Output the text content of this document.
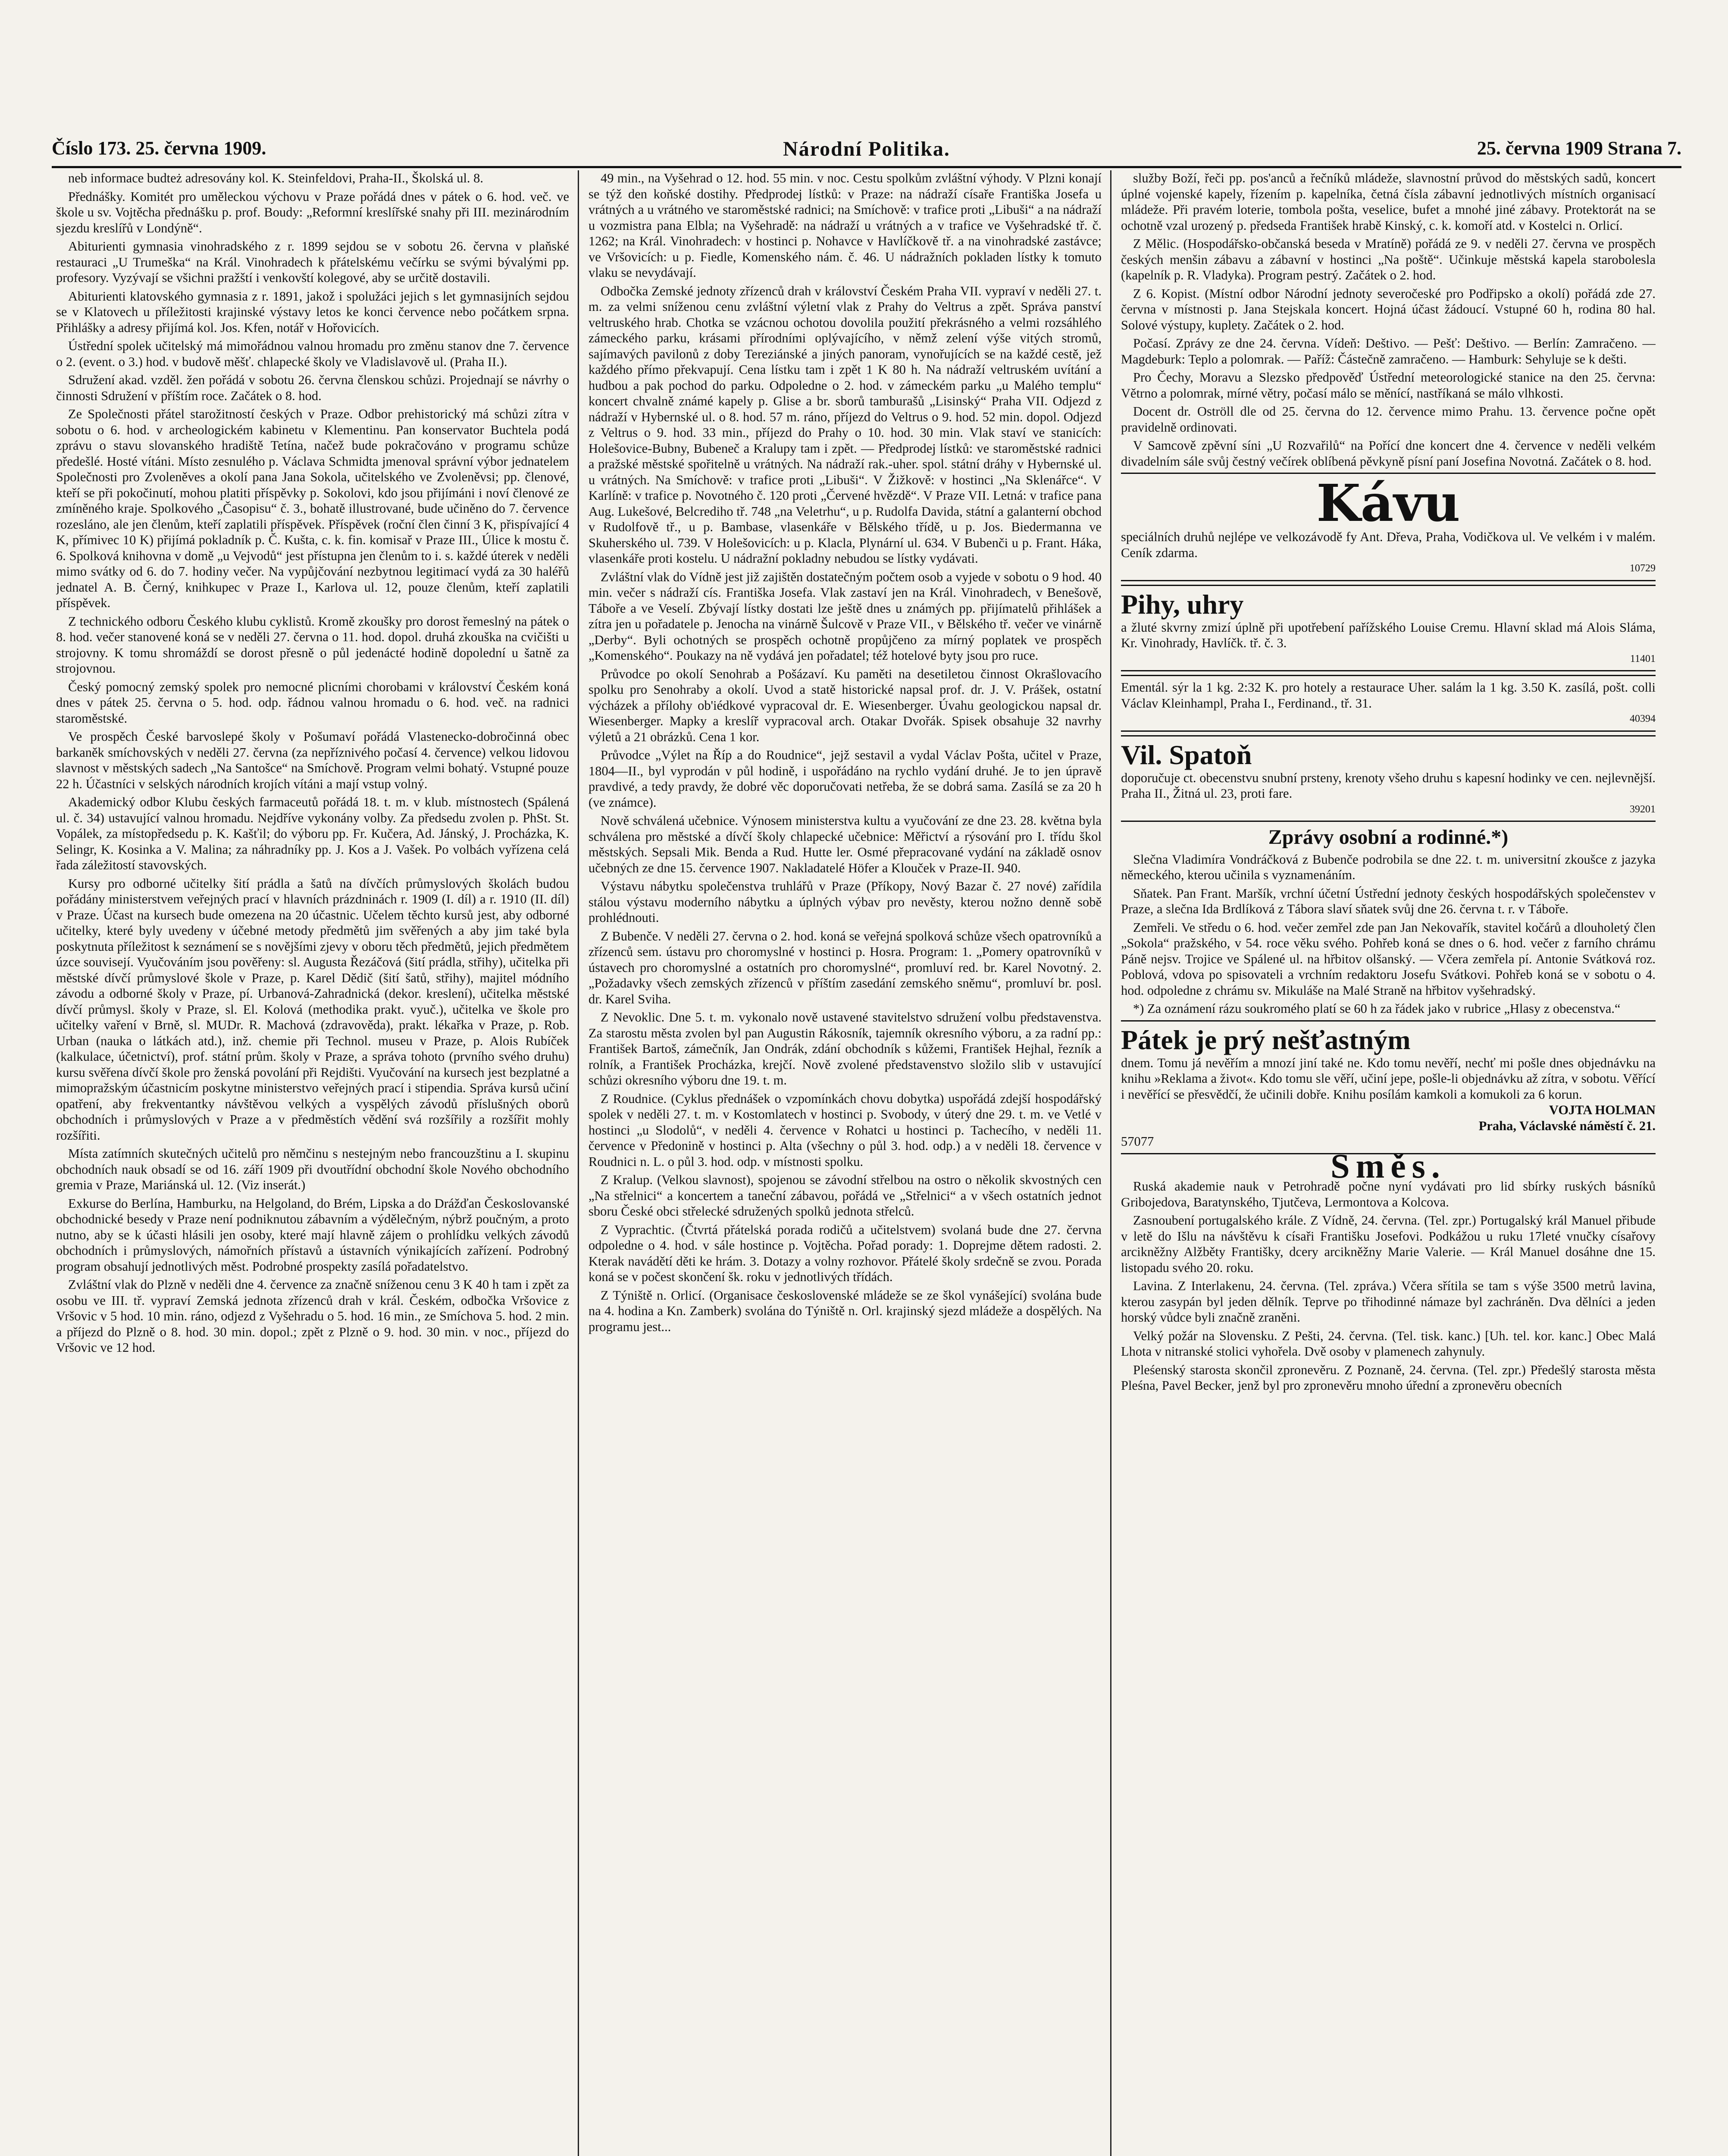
Číslo 173. 25. června 1909.	Národní Politika.	25. června 1909 Strana 7.

neb informace budteż adresovány kol. K. Steinfeldovi, Praha-II., Školská ul. 8.

Přednášky. Komitét pro uměleckou výchovu v Praze pořádá dnes v pátek o 6. hod. več. ve škole u sv. Vojtěcha přednášku p. prof. Boudy: „Reformní kreslířské snahy při III. mezinárodním sjezdu kreslířů v Londýně“.

Abiturienti gymnasia vinohradského z r. 1899 sejdou se v sobotu 26. června v plaňské restauraci „U Trumeška“ na Král. Vinohradech k přátelskému večírku se svými bývalými pp. profesory. Vyzývají se všichni pražští i venkovští kolegové, aby se určitě dostavili.

Abiturienti klatovského gymnasia z r. 1891, jakož i spolužáci jejich s let gymnasijních sejdou se v Klatovech u příležitosti krajinské výstavy letos ke konci července nebo počátkem srpna. Přihlášky a adresy přijímá kol. Jos. Kfen, notář v Hořovicích.

Ústřední spolek učitelský má mimořádnou valnou hromadu pro změnu stanov dne 7. července o 2. (event. o 3.) hod. v budově měšť. chlapecké školy ve Vladislavově ul. (Praha II.).

Sdružení akad. vzděl. žen pořádá v sobotu 26. června členskou schůzi. Projednají se návrhy o činnosti Sdružení v příštím roce. Začátek o 8. hod.

Ze Společnosti přátel starožitností českých v Praze. Odbor prehistorický má schůzi zítra v sobotu o 6. hod. v archeologickém kabinetu v Klementinu. Pan konservator Buchtela podá zprávu o stavu slovanského hradiště Tetína, načež bude pokračováno v programu schůze předešlé. Hosté vítáni. Místo zesnulého p. Václava Schmidta jmenoval správní výbor jednatelem Společnosti pro Zvoleněves a okolí pana Jana Sokola, učitelského ve Zvoleněvsi; pp. členové, kteří se při pokočinutí, mohou platiti příspěvky p. Sokolovi, kdo jsou přijímáni i noví členové ze zmíněného kraje. Spolkového „Časopisu“ č. 3., bohatě illustrované, bude učiněno do 7. července rozesláno, ale jen členům, kteří zaplatili příspěvek. Příspěvek (roční člen činní 3 K, přispívající 4 K, přímivec 10 K) přijímá pokladník p. Č. Kušta, c. k. fin. komisař v Praze III., Úlice k mostu č. 6. Spolková knihovna v domě „u Vejvodů“ jest přístupna jen členům to i. s. každé úterek v neděli mimo svátky od 6. do 7. hodiny večer. Na vypůjčování nezbytnou legitimací vydá za 30 haléřů jednatel A. B. Černý, knihkupec v Praze I., Karlova ul. 12, pouze členům, kteří zaplatili příspěvek.

Z technického odboru Českého klubu cyklistů. Kromě zkoušky pro dorost řemeslný na pátek o 8. hod. večer stanovené koná se v neděli 27. června o 11. hod. dopol. druhá zkouška na cvičišti u strojovny. K tomu shromáždí se dorost přesně o půl jedenácté hodině dopolední u šatně za strojovnou.

Český pomocný zemský spolek pro nemocné plicními chorobami v království Českém koná dnes v pátek 25. června o 5. hod. odp. řádnou valnou hromadu o 6. hod. več. na radnici staroměstské.

Ve prospěch České barvoslepé školy v Pošumaví pořádá Vlastenecko-dobročinná obec barkaněk smíchovských v neděli 27. června (za nepříznivého počasí 4. července) velkou lidovou slavnost v městských sadech „Na Santošce“ na Smíchově. Program velmi bohatý. Vstupné pouze 22 h. Účastníci v selských národních krojích vítáni a mají vstup volný.

Akademický odbor Klubu českých farmaceutů pořádá 18. t. m. v klub. místnostech (Spálená ul. č. 34) ustavující valnou hromadu. Nejdříve vykonány volby. Za předsedu zvolen p. PhSt. St. Vopálek, za místopředsedu p. K. Kašťil; do výboru pp. Fr. Kučera, Ad. Jánský, J. Procházka, K. Selingr, K. Kosinka a V. Malina; za náhradníky pp. J. Kos a J. Vašek. Po volbách vyřízena celá řada záležitostí stavovských.

Kursy pro odborné učitelky šití prádla a šatů na dívčích průmyslových školách budou pořádány ministerstvem veřejných prací v hlavních prázdninách r. 1909 (I. díl) a r. 1910 (II. díl) v Praze. Účast na kursech bude omezena na 20 účastnic. Učelem těchto kursů jest, aby odborné učitelky, které byly uvedeny v účebné metody předmětů jim svěřených a aby jim také byla poskytnuta příležitost k seznámení se s novějšími zjevy v oboru těch předmětů, jejich předmětem úzce souvisejí. Vyučováním jsou pověřeny: sl. Augusta Řezáčová (šití prádla, střihy), učitelka při městské dívčí průmyslové škole v Praze, p. Karel Dědič (šití šatů, střihy), majitel módního závodu a odborné školy v Praze, pí. Urbanová-Zahradnická (dekor. kreslení), učitelka městské dívčí průmysl. školy v Praze, sl. El. Kolová (methodika prakt. vyuč.), učitelka ve škole pro učitelky vaření v Brně, sl. MUDr. R. Machová (zdravověda), prakt. lékařka v Praze, p. Rob. Urban (nauka o látkách atd.), inž. chemie při Technol. museu v Praze, p. Alois Rubíček (kalkulace, účetnictví), prof. státní prům. školy v Praze, a správa tohoto (prvního svého druhu) kursu svěřena dívčí škole pro ženská povolání při Rejdišti. Vyučování na kursech jest bezplatné a mimopražským účastnicím poskytne ministerstvo veřejných prací i stipendia. Správa kursů učiní opatření, aby frekventantky návštěvou velkých a vyspělých závodů příslušných oborů obchodních i průmyslových v Praze a v předměstích vědění svá rozšířily a rozšířit mohly rozšířiti.

Místa zatímních skutečných učitelů pro němčinu s nestejným nebo francouzštinu a I. skupinu obchodních nauk obsadí se od 16. září 1909 při dvoutřídní obchodní škole Nového obchodního gremia v Praze, Mariánská ul. 12. (Viz inserát.)

Exkurse do Berlína, Hamburku, na Helgoland, do Brém, Lipska a do Drážďan Českoslovanské obchodnické besedy v Praze není podniknutou zábavním a výdělečným, nýbrž poučným, a proto nutno, aby se k účasti hlásili jen osoby, které mají hlavně zájem o prohlídku velkých závodů obchodních i průmyslových, námořních přístavů a ústavních výnikajících zařízení. Podrobný program obsahují jednotlivých měst. Podrobné prospekty zasílá pořadatelstvo.

Zvláštní vlak do Plzně v neděli dne 4. července za značně sníženou cenu 3 K 40 h tam i zpět za osobu ve III. tř. vypraví Zemská jednota zřízenců drah v král. Českém, odbočka Vršovice z Vršovic v 5 hod. 10 min. ráno, odjezd z Vyšehradu o 5. hod. 16 min., ze Smíchova 5. hod. 2 min. a příjezd do Plzně o 8. hod. 30 min. dopol.; zpět z Plzně o 9. hod. 30 min. v noc., příjezd do Vršovic ve 12 hod.

49 min., na Vyšehrad o 12. hod. 55 min. v noc. Cestu spolkům zvláštní výhody. V Plzni konají se týž den koňské dostihy. Předprodej lístků: v Praze: na nádraží císaře Františka Josefa u vrátných a u vrátného ve staroměstské radnici; na Smíchově: v trafice proti „Libuši“ a na nádraží u vozmistra pana Elbla; na Vyšehradě: na nádraží u vrátných a v trafice ve Vyšehradské tř. č. 1262; na Král. Vinohradech: v hostinci p. Nohavce v Havlíčkově tř. a na vinohradské zastávce; ve Vršovicích: u p. Fiedle, Komenského nám. č. 46. U nádražních pokladen lístky k tomuto vlaku se nevydávají.

Odbočka Zemské jednoty zřízenců drah v království Českém Praha VII. vypraví v neděli 27. t. m. za velmi sníženou cenu zvláštní výletní vlak z Prahy do Veltrus a zpět. Správa panství veltruského hrab. Chotka se vzácnou ochotou dovolila použití překrásného a velmi rozsáhlého zámeckého parku, krásami přírodními oplývajícího, v němž zelení výše vitých stromů, sajímavých pavilonů z doby Tereziánské a jiných panoram, vynořujících se na každé cestě, jež každého přímo překvapují. Cena lístku tam i zpět 1 K 80 h. Na nádraží veltruském uvítání a hudbou a pak pochod do parku. Odpoledne o 2. hod. v zámeckém parku „u Malého templu“ koncert chvalně známé kapely p. Glise a br. sborů tamburašů „Lisinský“ Praha VII. Odjezd z nádraží v Hybernské ul. o 8. hod. 57 m. ráno, příjezd do Veltrus o 9. hod. 52 min. dopol. Odjezd z Veltrus o 9. hod. 33 min., příjezd do Prahy o 10. hod. 30 min. Vlak staví ve stanicích: Holešovice-Bubny, Bubeneč a Kralupy tam i zpět. — Předprodej lístků: ve staroměstské radnici a pražské městské spořitelně u vrátných. Na nádraží rak.-uher. spol. státní dráhy v Hybernské ul. u vrátných. Na Smíchově: v trafice proti „Libuši“. V Žižkově: v hostinci „Na Sklenářce“. V Karlíně: v trafice p. Novotného č. 120 proti „Červené hvězdě“. V Praze VII. Letná: v trafice pana Aug. Lukešové, Belcrediho tř. 748 „na Veletrhu“, u p. Rudolfa Davida, státní a galanterní obchod v Rudolfově tř., u p. Bambase, vlasenkáře v Bělského třídě, u p. Jos. Biedermanna ve Skuherského ul. 739. V Holešovicích: u p. Klacla, Plynární ul. 634. V Bubenči u p. Frant. Háka, vlasenkáře proti kostelu. U nádražní pokladny nebudou se lístky vydávati.

Zvláštní vlak do Vídně jest již zajištěn dostatečným počtem osob a vyjede v sobotu o 9 hod. 40 min. večer s nádraží cís. Františka Josefa. Vlak zastaví jen na Král. Vinohradech, v Benešově, Táboře a ve Veselí. Zbývají lístky dostati lze ještě dnes u známých pp. přijímatelů přihlášek a zítra jen u pořadatele p. Jenocha na vinárně Šulcově v Praze VII., v Bělského tř. večer ve vinárně „Derby“. Byli ochotných se prospěch ochotně propůjčeno za mírný poplatek ve prospěch „Komenského“. Poukazy na ně vydává jen pořadatel; též hotelové byty jsou pro ruce.

Průvodce po okolí Senohrab a Pošázaví. Ku paměti na desetiletou činnost Okrašlovacího spolku pro Senohraby a okolí. Uvod a statě historické napsal prof. dr. J. V. Prášek, ostatní výcházek a přílohy ob'iédkové vypracoval dr. E. Wiesenberger. Úvahu geologickou napsal dr. Wiesenberger. Mapky a kreslíř vypracoval arch. Otakar Dvořák. Spisek obsahuje 32 navrhy výletů a 21 obrázků. Cena 1 kor.

Průvodce „Výlet na Říp a do Roudnice“, jejž sestavil a vydal Václav Pošta, učitel v Praze, 1804—II., byl vyprodán v půl hodině, i uspořádáno na rychlo vydání druhé. Je to jen úpravě pravdivé, a tedy pravdy, že dobré věc doporučovati netřeba, že se dobrá sama. Zasílá se za 20 h (ve známce).

Nově schválená učebnice. Výnosem ministerstva kultu a vyučování ze dne 23. 28. května byla schválena pro městské a dívčí školy chlapecké učebnice: Měřictví a rýsování pro I. třídu škol městských. Sepsali Mik. Benda a Rud. Hutte ler. Osmé přepracované vydání na základě osnov učebných ze dne 15. července 1907. Nakladatelé Höfer a Klouček v Praze-II. 940.

Výstavu nábytku společenstva truhlářů v Praze (Příkopy, Nový Bazar č. 27 nové) zařídila stálou výstavu moderního nábytku a úplných výbav pro nevěsty, kterou nožno denně sobě prohlédnouti.

Z Bubenče. V neděli 27. června o 2. hod. koná se veřejná spolková schůze všech opatrovníků a zřízenců sem. ústavu pro choromyslné v hostinci p. Hosra. Program: 1. „Pomery opatrovníků v ústavech pro choromyslné a ostatních pro choromyslné“, promluví red. br. Karel Novotný. 2. „Požadavky všech zemských zřízenců v příštím zasedání zemského sněmu“, promluví br. posl. dr. Karel Sviha.

Z Nevoklic. Dne 5. t. m. vykonalo nově ustavené stavitelstvo sdružení volbu představenstva. Za starostu města zvolen byl pan Augustin Rákosník, tajemník okresního výboru, a za radní pp.: František Bartoš, zámečník, Jan Ondrák, zdání obchodník s kůžemi, František Hejhal, řezník a rolník, a František Procházka, krejčí. Nově zvolené představenstvo složilo slib v ustavující schůzi okresního výboru dne 19. t. m.

Z Roudnice. (Cyklus přednášek o vzpomínkách chovu dobytka) uspořádá zdejší hospodářský spolek v neděli 27. t. m. v Kostomlatech v hostinci p. Svobody, v úterý dne 29. t. m. ve Vetlé v hostinci „u Slodolů“, v neděli 4. července v Rohatci u hostinci p. Tachecího, v neděli 11. července v Předonině v hostinci p. Alta (všechny o půl 3. hod. odp.) a v neděli 18. července v Roudnici n. L. o půl 3. hod. odp. v místnosti spolku.

Z Kralup. (Velkou slavnost), spojenou se závodní střelbou na ostro o několik skvostných cen „Na střelnici“ a koncertem a taneční zábavou, pořádá ve „Střelnici“ a v všech ostatních jednot sboru České obci střelecké sdružených spolků jednota střelců.

Z Vyprachtic. (Čtvrtá přátelská porada rodičů a učitelstvem) svolaná bude dne 27. června odpoledne o 4. hod. v sále hostince p. Vojtěcha. Pořad porady: 1. Doprejme dětem radosti. 2. Kterak navádětí děti ke hrám. 3. Dotazy a volny rozhovor. Přátelé školy srdečně se zvou. Porada koná se v počest skončení šk. roku v jednotlivých třídách.

Z Týniště n. Orlicí. (Organisace československé mládeže se ze škol vynášející) svolána bude na 4. hodina a Kn. Zamberk) svolána do Týniště n. Orl. krajinský sjezd mládeže a dospělých. Na programu jest...

služby Boží, řeči pp. pos'anců a řečníků mládeže, slavnostní průvod do městských sadů, koncert úplné vojenské kapely, řízením p. kapelníka, četná čísla zábavní jednotlivých místních organisací mládeže. Při pravém loterie, tombola pošta, veselice, bufet a mnohé jiné zábavy. Protektorát na se ochotně vzal urozený p. předseda František hrabě Kinský, c. k. komoří atd. v Kostelci n. Orlicí.

Z Mělic. (Hospodářsko-občanská beseda v Mratíně) pořádá ze 9. v neděli 27. června ve prospěch českých menšin zábavu a zábavní v hostinci „Na poště“. Učinkuje městská kapela starobolesla (kapelník p. R. Vladyka). Program pestrý. Začátek o 2. hod.

Z 6. Kopist. (Místní odbor Národní jednoty severočeské pro Podřipsko a okolí) pořádá zde 27. června v místnosti p. Jana Stejskala koncert. Hojná účast žádoucí. Vstupné 60 h, rodina 80 hal. Solové výstupy, kuplety. Začátek o 2. hod.

Počasí. Zprávy ze dne 24. června. Vídeň: Deštivo. — Pešť: Deštivo. — Berlín: Zamračeno. — Magdeburk: Teplo a polomrak. — Paříž: Částečně zamračeno. — Hamburk: Sehyluje se k dešti.

Pro Čechy, Moravu a Slezsko předpověď Ústřední meteorologické stanice na den 25. června: Větrno a polomrak, mírné větry, počasí málo se měnící, nastříkaná se málo vlhkosti.

Docent dr. Oströll dle od 25. června do 12. července mimo Prahu. 13. července počne opět pravidelně ordinovati.

V Samcově zpěvní síni „U Rozvařilů“ na Pořící dne koncert dne 4. července v neděli velkém divadelním sále svůj čestný večírek oblíbená pěvkyně písní paní Josefina Novotná. Začátek o 8. hod.

Kávu
speciálních druhů nejlépe ve velkozávodě fy Ant. Dřeva, Praha, Vodičkova ul. Ve velkém i v malém. Ceník zdarma.
10729
Pihy, uhry
a žluté skvrny zmizí úplně při upotřebení pařížského Louise Cremu. Hlavní sklad má Alois Sláma, Kr. Vinohrady, Havlíčk. tř. č. 3.
11401
Ementál. sýr la 1 kg. 2:32 K. pro hotely a restaurace Uher. salám la 1 kg. 3.50 K. zasílá, pošt. colli Václav Kleinhampl, Praha I., Ferdinand., tř. 31.
40394
Vil. Spatoň
doporučuje ct. obecenstvu snubní prsteny, krenoty všeho druhu s kapesní hodinky ve cen. nejlevnější. Praha II., Žitná ul. 23, proti fare.
39201
Zprávy osobní a rodinné.*)

Slečna Vladimíra Vondráčková z Bubenče podrobila se dne 22. t. m. universitní zkoušce z jazyka německého, kterou učinila s vyznamenáním.

Sňatek. Pan Frant. Maršík, vrchní účetní Ústřední jednoty českých hospodářských společenstev v Praze, a slečna Ida Brdlíková z Tábora slaví sňatek svůj dne 26. června t. r. v Táboře.

Zemřeli. Ve středu o 6. hod. večer zemřel zde pan Jan Nekovařík, stavitel kočárů a dlouholetý člen „Sokola“ pražského, v 54. roce věku svého. Pohřeb koná se dnes o 6. hod. večer z farního chrámu Páně nejsv. Trojice ve Spálené ul. na hřbitov olšanský. — Včera zemřela pí. Antonie Svátková roz. Poblová, vdova po spisovateli a vrchním redaktoru Josefu Svátkovi. Pohřeb koná se v sobotu o 4. hod. odpoledne z chrámu sv. Mikuláše na Malé Straně na hřbitov vyšehradský.

*) Za oznámení rázu soukromého platí se 60 h za řádek jako v rubrice „Hlasy z obecenstva.“

Pátek je prý nešťastným
dnem. Tomu já nevěřím a mnozí jiní také ne. Kdo tomu nevěří, nechť mi pošle dnes objednávku na knihu »Reklama a život«. Kdo tomu sle věří, učiní jepe, pošle-li objednávku až zítra, v sobotu. Věřící i nevěřící se přesvědčí, že učinili dobře. Knihu posílám kamkoli a komukoli za 6 korun.
VOJTA HOLMAN
Praha, Václavské náměstí č. 21.
57077
Směs.

Ruská akademie nauk v Petrohradě počne nyní vydávati pro lid sbírky ruských básníků Gribojedova, Baratynského, Tjutčeva, Lermontova a Kolcova.

Zasnoubení portugalského krále. Z Vídně, 24. června. (Tel. zpr.) Portugalský král Manuel přibude v letě do Išlu na návštěvu k císaři Františku Josefovi. Podkážou u ruku 17leté vnučky císařovy arcikněžny Alžběty Františky, dcery arcikněžny Marie Valerie. — Král Manuel dosáhne dne 15. listopadu svého 20. roku.

Lavina. Z Interlakenu, 24. června. (Tel. zpráva.) Včera sřítila se tam s výše 3500 metrů lavina, kterou zasypán byl jeden dělník. Teprve po třihodinné námaze byl zachráněn. Dva dělníci a jeden horský vůdce byli značně zraněni.

Velký požár na Slovensku. Z Pešti, 24. června. (Tel. tisk. kanc.) [Uh. tel. kor. kanc.] Obec Malá Lhota v nitranské stolici vyhořela. Dvě osoby v plamenech zahynuly.

Pleśenský starosta skončil zpronevěru. Z Poznaně, 24. června. (Tel. zpr.) Předešlý starosta města Pleśna, Pavel Becker, jenž byl pro zpronevěru mnoho úřední a zpronevěru obecních
